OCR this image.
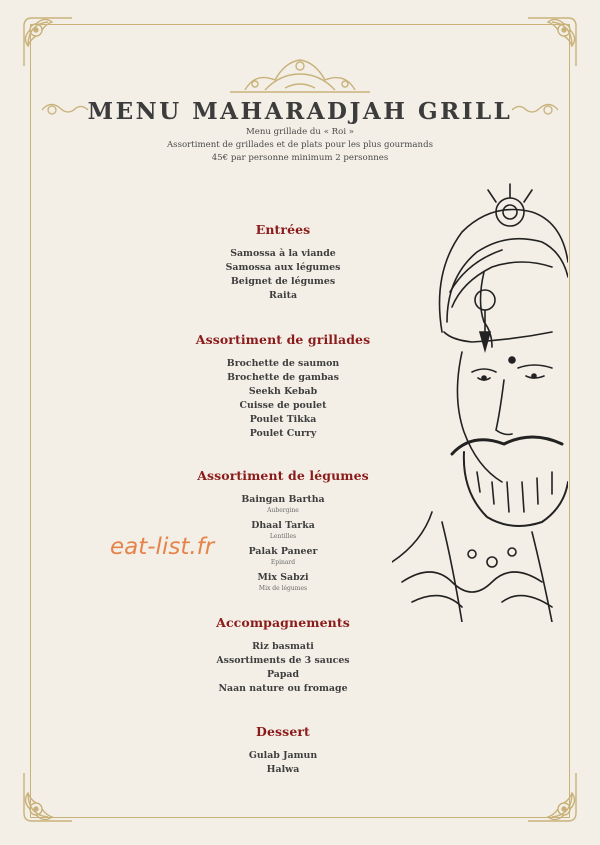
MENU MAHARADJAH GRILL
Menu grillade du « Roi »
Assortiment de grillades et de plats pour les plus gourmands
45€ par personne minimum 2 personnes
Entrées
Samossa à la viande
Samossa aux légumes
Beignet de légumes
Raita
Assortiment de grillades
Brochette de saumon
Brochette de gambas
Seekh Kebab
Cuisse de poulet
Poulet Tikka
Poulet Curry
Assortiment de légumes
Baingan Bartha
Aubergine
Dhaal Tarka
Lentilles
Palak Paneer
Epinard
Mix Sabzi
Mix de légumes
Accompagnements
Riz basmati
Assortiments de 3 sauces
Papad
Naan nature ou fromage
Dessert
Gulab Jamun
Halwa
eat-list.fr
